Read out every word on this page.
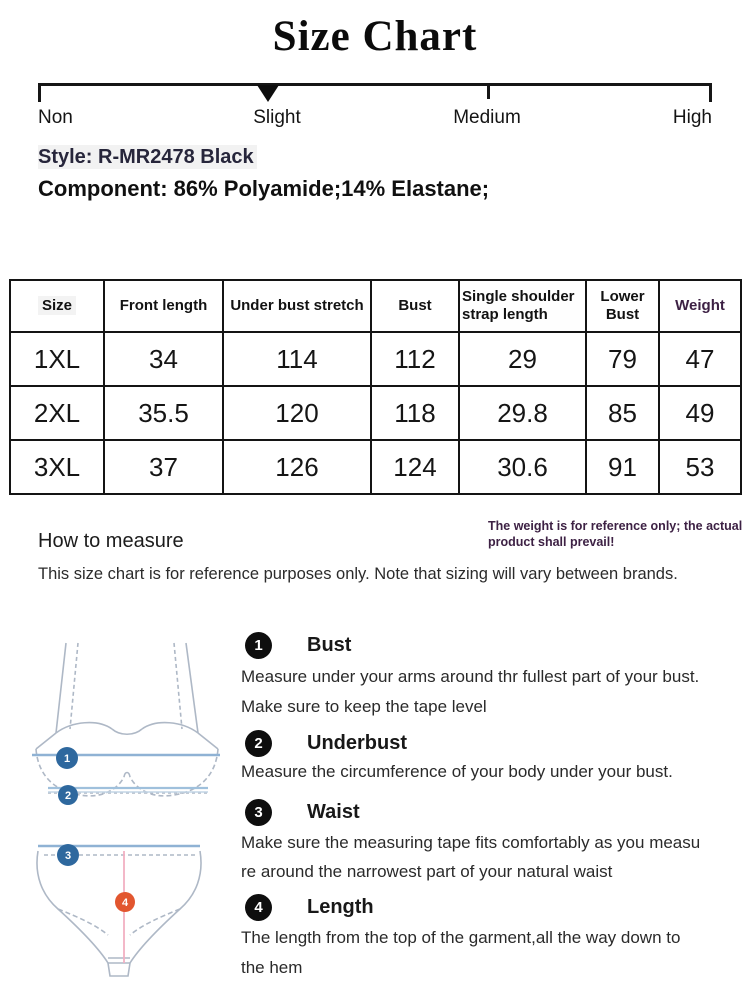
Size Chart
Non	Slight	Medium	High
Style: R-MR2478 Black
Component: 86% Polyamide;14% Elastane;
Size	Front length	Under bust stretch	Bust	Single shoulder strap length	Lower Bust	Weight
1XL	34	114	112	29	79	47
2XL	35.5	120	118	29.8	85	49
3XL	37	126	124	30.6	91	53
How to measure
The weight is for reference only; the actual product shall prevail!
This size chart is for reference purposes only. Note that sizing will vary between brands.
1
2
3
4
1	Bust
Measure under your arms around thr fullest part of your bust.
Make sure to keep the tape level
2	Underbust
Measure the circumference of your body under your bust.
3	Waist
Make sure the measuring tape fits comfortably as you measu
re around the narrowest part of your natural waist
4	Length
The length from the top of the garment,all the way down to
the hem
